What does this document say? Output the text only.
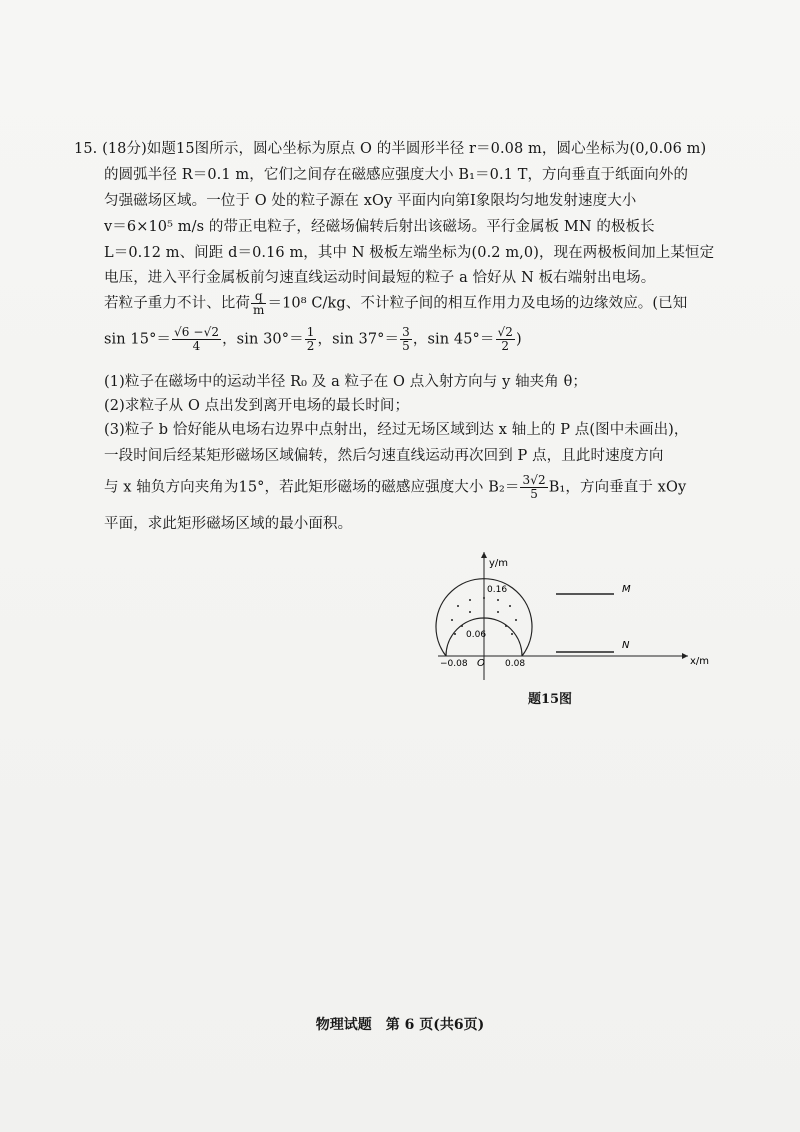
15. (18分)如题15图所示，圆心坐标为原点 O 的半圆形半径 r＝0.08 m，圆心坐标为(0,0.06 m)
的圆弧半径 R＝0.1 m，它们之间存在磁感应强度大小 B₁＝0.1 T，方向垂直于纸面向外的
匀强磁场区域。一位于 O 处的粒子源在 xOy 平面内向第Ⅰ象限均匀地发射速度大小
v＝6×10⁵ m/s 的带正电粒子，经磁场偏转后射出该磁场。平行金属板 MN 的极板长
L＝0.12 m、间距 d＝0.16 m，其中 N 极板左端坐标为(0.2 m,0)，现在两极板间加上某恒定
电压，进入平行金属板前匀速直线运动时间最短的粒子 a 恰好从 N 板右端射出电场。
若粒子重力不计、比荷 $\frac{q}{m} =10^8$ C/kg、不计粒子间的相互作用力及电场的边缘效应。(已知
$\sin 15^\circ= \frac{√6 -√2}{4}$ ，$\sin 30^\circ= \frac{1}{2}$ ，$\sin 37^\circ= \frac{3}{5}$ ，$\sin 45^\circ= \frac{√2}{2}$ )
(1)粒子在磁场中的运动半径 R₀ 及 a 粒子在 O 点入射方向与 y 轴夹角 θ；
(2)求粒子从 O 点出发到离开电场的最长时间；
(3)粒子 b 恰好能从电场右边界中点射出，经过无场区域到达 x 轴上的 P 点(图中未画出)，
一段时间后经某矩形磁场区域偏转，然后匀速直线运动再次回到 P 点，且此时速度方向
与 x 轴负方向夹角为15°，若此矩形磁场的磁感应强度大小 $B_2= \frac{3√2}{5} B_1$，方向垂直于 xOy
平面，求此矩形磁场区域的最小面积。
y/m
x/m
0.16
0.06
−0.08 O 0.08
M
N
题15图
物理试题　第 6 页(共6页)
